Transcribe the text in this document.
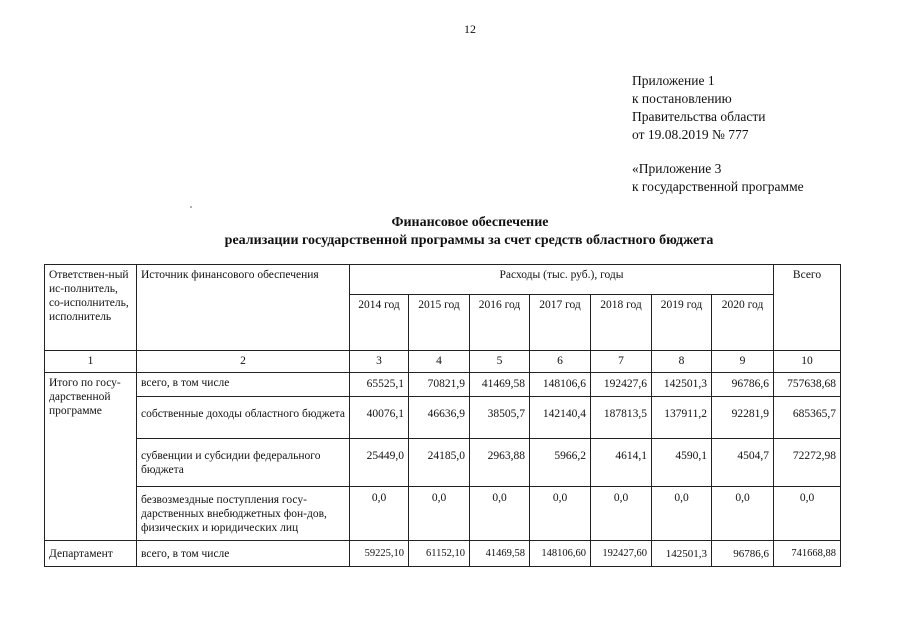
12
Приложение 1
к постановлению
Правительства области
от 19.08.2019 № 777
«Приложение 3
к государственной программе
Финансовое обеспечение
реализации государственной программы за счет средств областного бюджета
Ответствен-ный ис-полнитель, со-исполнитель, исполнитель	Источник финансового обеспечения	Расходы (тыс. руб.), годы							Всего
		2014 год	2015 год	2016 год	2017 год	2018 год	2019 год	2020 год	
1	2	3	4	5	6	7	8	9	10
Итого по госу-дарственной программе	всего, в том числе	65525,1	70821,9	41469,58	148106,6	192427,6	142501,3	96786,6	757638,68
	собственные доходы областного бюджета	40076,1	46636,9	38505,7	142140,4	187813,5	137911,2	92281,9	685365,7
	субвенции и субсидии федерального бюджета	25449,0	24185,0	2963,88	5966,2	4614,1	4590,1	4504,7	72272,98
	безвозмездные поступления госу-дарственных внебюджетных фон-дов, физических и юридических лиц	0,0	0,0	0,0	0,0	0,0	0,0	0,0	0,0
Департамент	всего, в том числе	59225,10	61152,10	41469,58	148106,60	192427,60	142501,3	96786,6	741668,88
